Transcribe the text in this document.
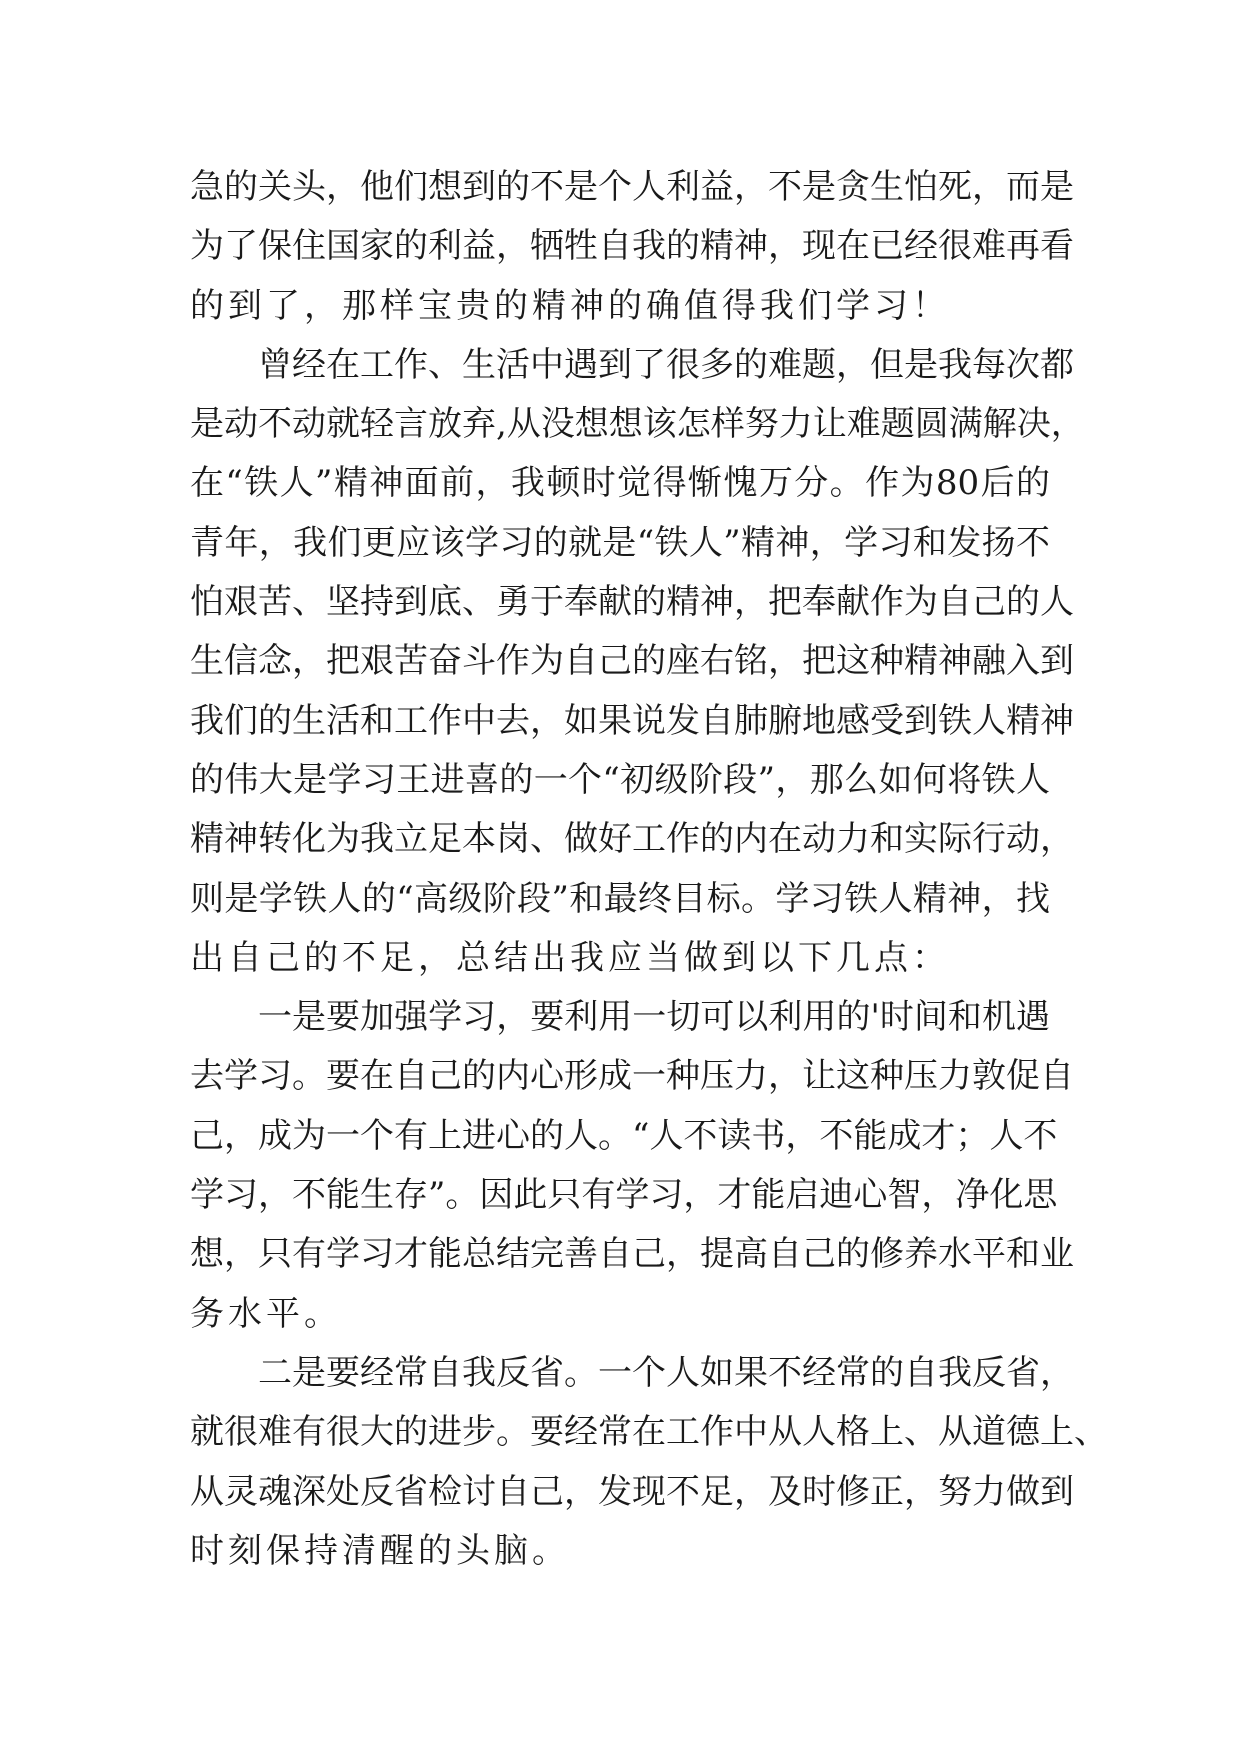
急的关头，他们想到的不是个人利益，不是贪生怕死，而是
为了保住国家的利益，牺牲自我的精神，现在已经很难再看
的到了，那样宝贵的精神的确值得我们学习！
曾经在工作、生活中遇到了很多的难题，但是我每次都
是动不动就轻言放弃,从没想想该怎样努力让难题圆满解决，
在“铁人”精神面前，我顿时觉得惭愧万分。作为80后的
青年，我们更应该学习的就是“铁人”精神，学习和发扬不
怕艰苦、坚持到底、勇于奉献的精神，把奉献作为自己的人
生信念，把艰苦奋斗作为自己的座右铭，把这种精神融入到
我们的生活和工作中去，如果说发自肺腑地感受到铁人精神
的伟大是学习王进喜的一个“初级阶段”，那么如何将铁人
精神转化为我立足本岗、做好工作的内在动力和实际行动，
则是学铁人的“高级阶段”和最终目标。学习铁人精神，找
出自己的不足，总结出我应当做到以下几点：
一是要加强学习，要利用一切可以利用的'时间和机遇
去学习。要在自己的内心形成一种压力，让这种压力敦促自
己，成为一个有上进心的人。“人不读书，不能成才；人不
学习，不能生存”。因此只有学习，才能启迪心智，净化思
想，只有学习才能总结完善自己，提高自己的修养水平和业
务水平。
二是要经常自我反省。一个人如果不经常的自我反省，
就很难有很大的进步。要经常在工作中从人格上、从道德上、
从灵魂深处反省检讨自己，发现不足，及时修正，努力做到
时刻保持清醒的头脑。
